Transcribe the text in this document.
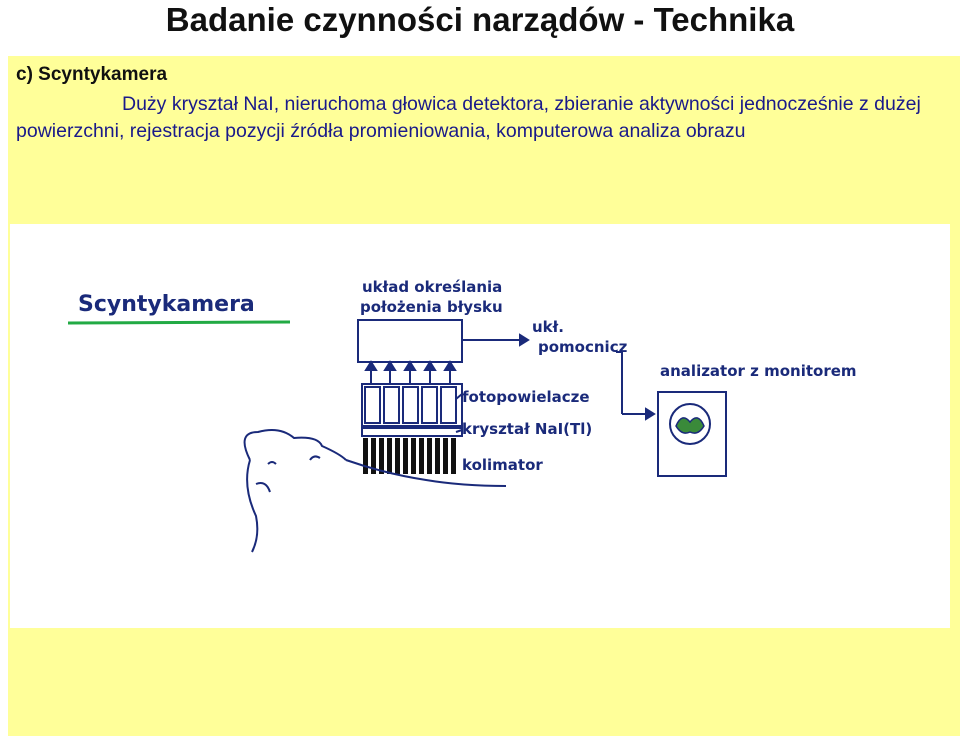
Badanie czynności narządów - Technika

c) Scyntykamera

Duży kryształ NaI, nieruchoma głowica detektora, zbieranie aktywności jednocześnie z dużej powierzchni, rejestracja pozycji źródła promieniowania, komputerowa analiza obrazu

Scyntykamera
układ określania
położenia błysku
ukł.
pomocnicz
analizator z monitorem
fotopowielacze
kryształ NaI(Tl)
kolimator
